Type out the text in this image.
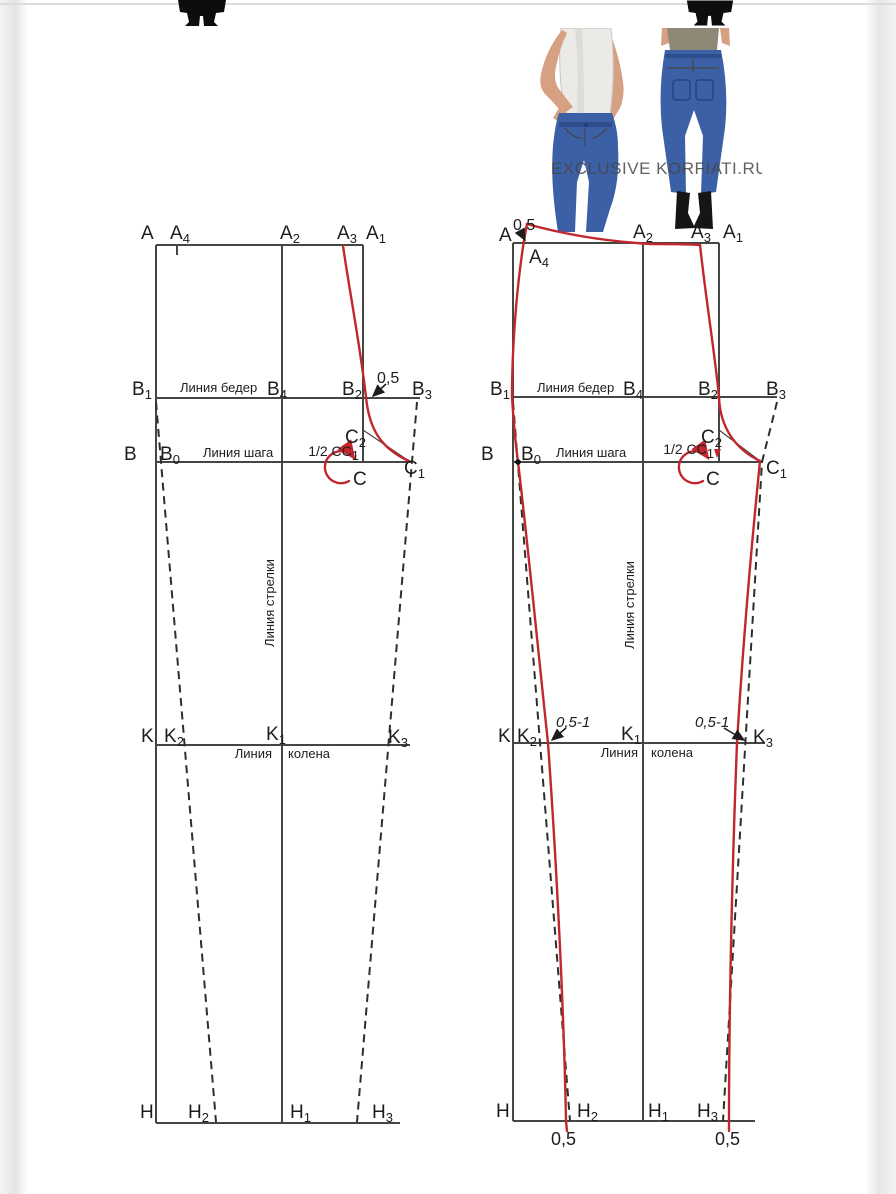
EXCLUSIVE KORFIATI.RU
A $A_4$	$A_2$ $A_3$ $A_1$
$B_1$ Линия бедер $B_4$	$B_2$
0,5
$B_3$
$C_2$
1/2 CC1
B $B_0$ Линия шага
C
$C_1$
Линия стрелки
K $K_2$	$K_1$	$K_3$
Линия колена
H $H_2$	$H_1$	$H_3$
A 0,5
$A_4$
$A_2$ $A_3$ $A_1$
$B_1$ Линия бедер $B_4$	$B_2$	$B_3$
$C_2$
1/2 CC1
B $B_0$ Линия шага
C
$C_1$
Линия стрелки
K $K_2$
0,5-1
$K_1$
0,5-1
$K_3$
Линия колена
H	$H_2$	$H_1$ $H_3$
0,5	0,5
